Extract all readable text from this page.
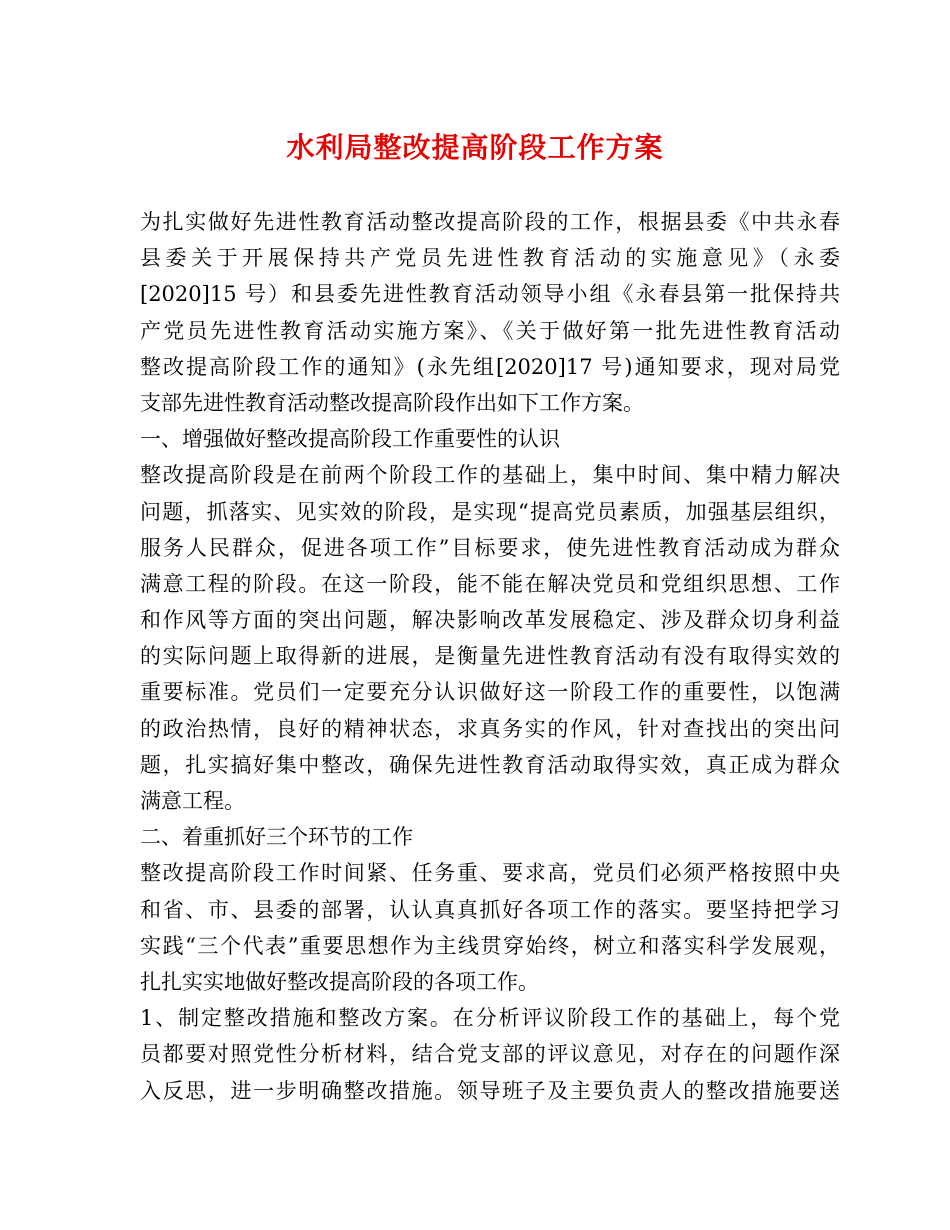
水利局整改提高阶段工作方案
为扎实做好先进性教育活动整改提高阶段的工作，根据县委《中共永春
县委关于开展保持共产党员先进性教育活动的实施意见》（永委
[2020]15 号）和县委先进性教育活动领导小组《永春县第一批保持共
产党员先进性教育活动实施方案》、《关于做好第一批先进性教育活动
整改提高阶段工作的通知》(永先组[2020]17 号)通知要求，现对局党
支部先进性教育活动整改提高阶段作出如下工作方案。
一、增强做好整改提高阶段工作重要性的认识
整改提高阶段是在前两个阶段工作的基础上，集中时间、集中精力解决
问题，抓落实、见实效的阶段，是实现“提高党员素质，加强基层组织，
服务人民群众，促进各项工作”目标要求，使先进性教育活动成为群众
满意工程的阶段。在这一阶段，能不能在解决党员和党组织思想、工作
和作风等方面的突出问题，解决影响改革发展稳定、涉及群众切身利益
的实际问题上取得新的进展，是衡量先进性教育活动有没有取得实效的
重要标准。党员们一定要充分认识做好这一阶段工作的重要性，以饱满
的政治热情，良好的精神状态，求真务实的作风，针对查找出的突出问
题，扎实搞好集中整改，确保先进性教育活动取得实效，真正成为群众
满意工程。
二、着重抓好三个环节的工作
整改提高阶段工作时间紧、任务重、要求高，党员们必须严格按照中央
和省、市、县委的部署，认认真真抓好各项工作的落实。要坚持把学习
实践“三个代表”重要思想作为主线贯穿始终，树立和落实科学发展观，
扎扎实实地做好整改提高阶段的各项工作。
1、制定整改措施和整改方案。在分析评议阶段工作的基础上，每个党
员都要对照党性分析材料，结合党支部的评议意见，对存在的问题作深
入反思，进一步明确整改措施。领导班子及主要负责人的整改措施要送
